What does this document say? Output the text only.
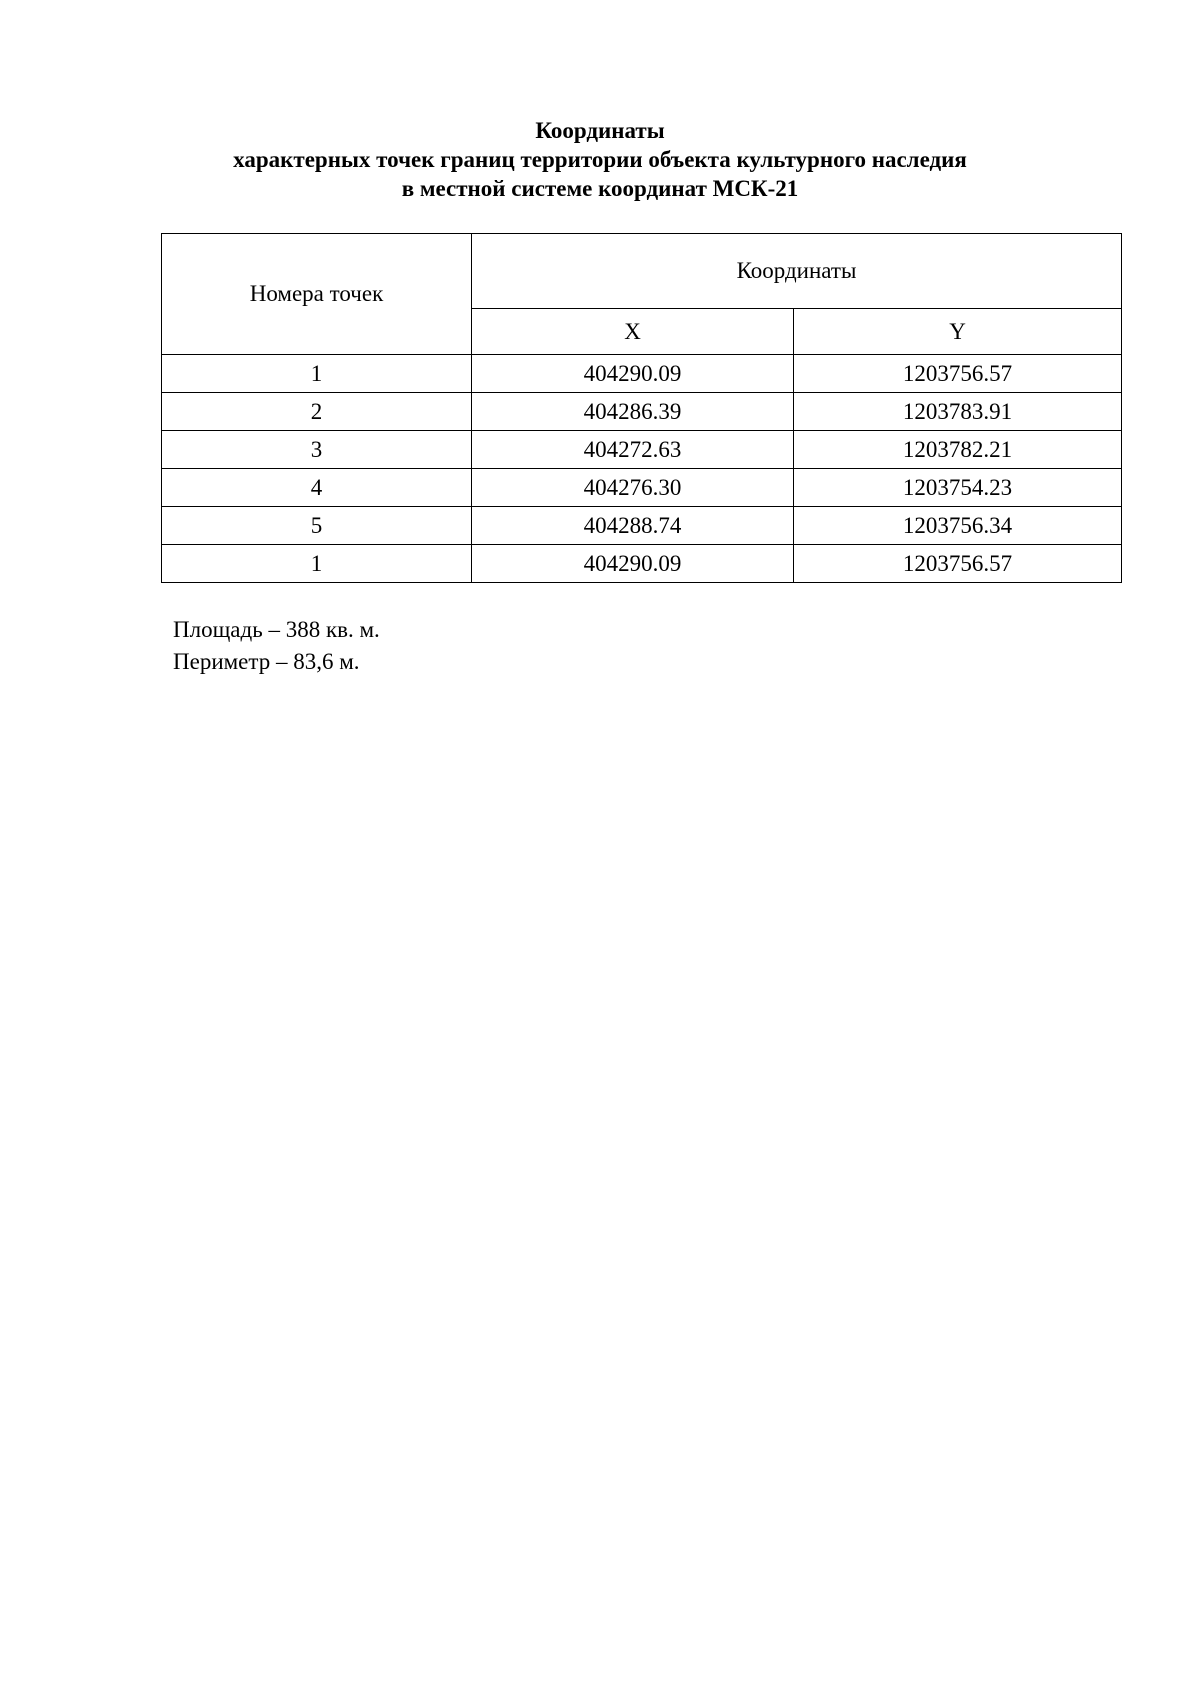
Координаты
характерных точек границ территории объекта культурного наследия
в местной системе координат МСК-21
Номера точек	Координаты	
	X	Y
1	404290.09	1203756.57
2	404286.39	1203783.91
3	404272.63	1203782.21
4	404276.30	1203754.23
5	404288.74	1203756.34
1	404290.09	1203756.57
Площадь – 388 кв. м.
Периметр – 83,6 м.
